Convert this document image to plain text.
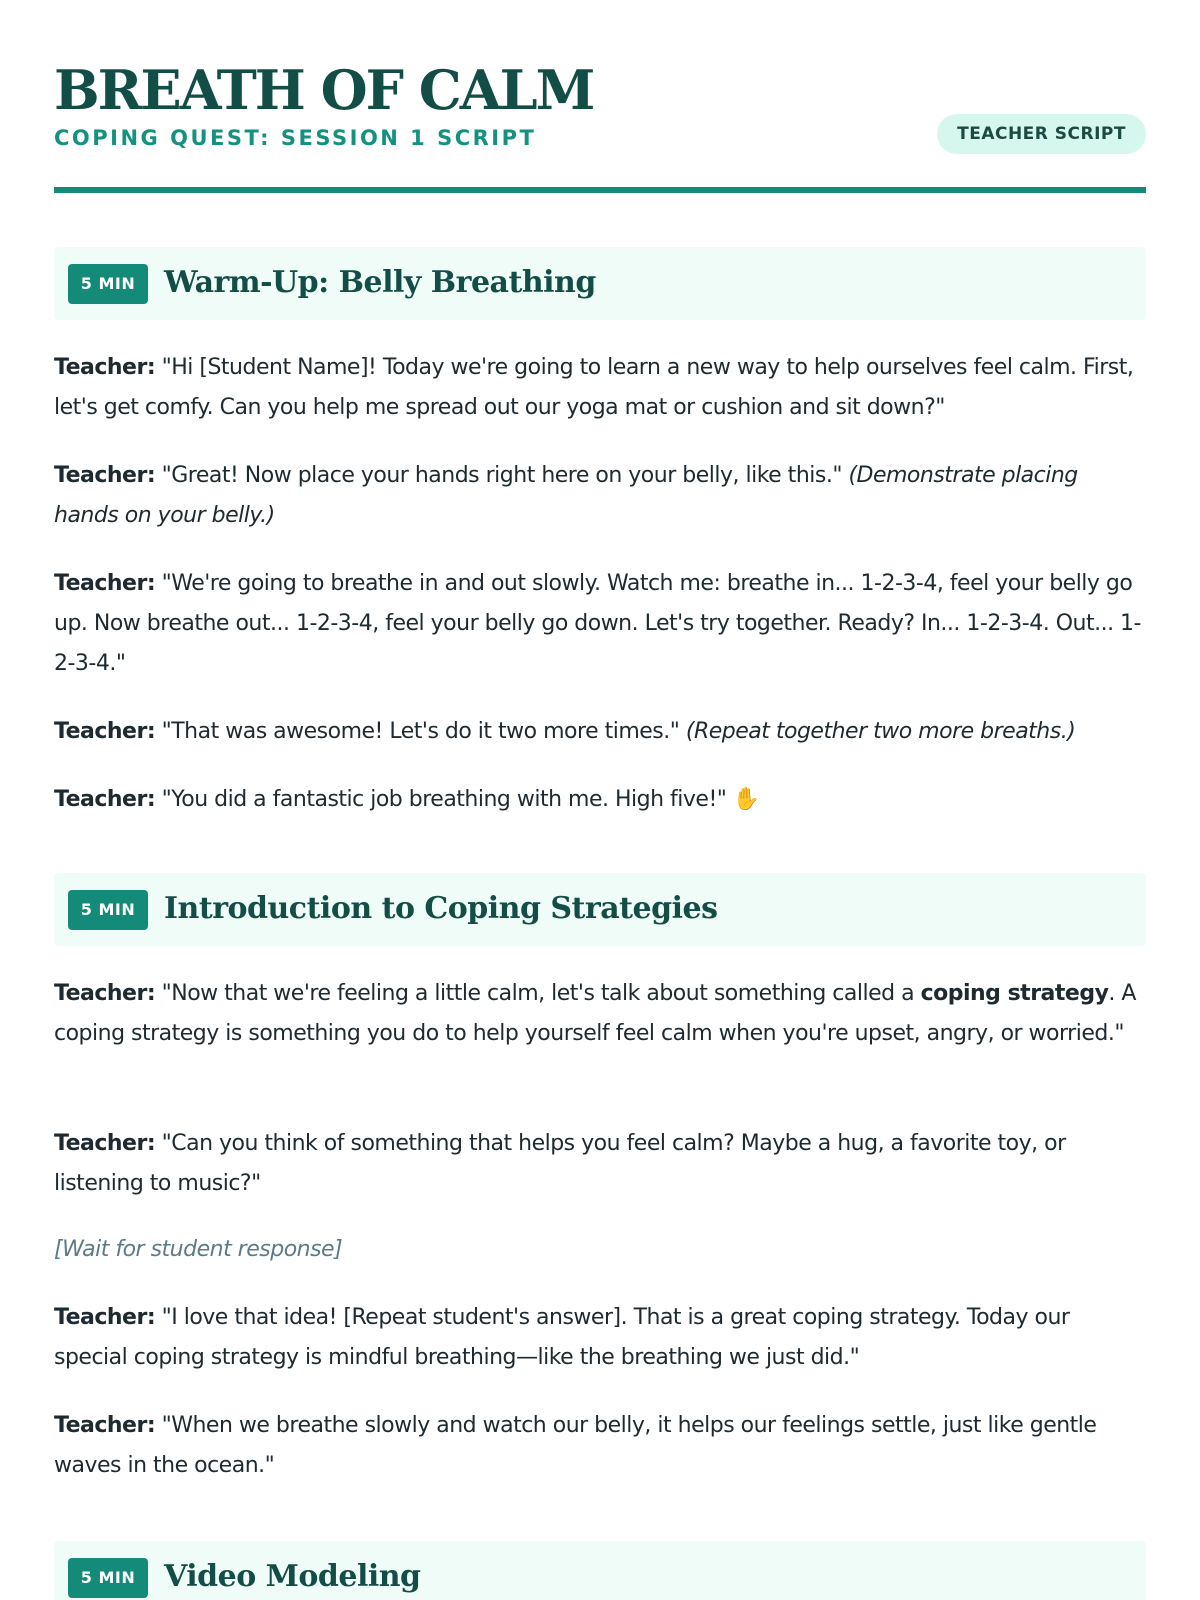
BREATH OF CALM
COPING QUEST: SESSION 1 SCRIPT	TEACHER SCRIPT
5 MIN Warm-Up: Belly Breathing
Teacher: "Hi [Student Name]! Today we're going to learn a new way to help ourselves feel calm. First, let's get comfy. Can you help me spread out our yoga mat or cushion and sit down?"
Teacher: "Great! Now place your hands right here on your belly, like this." (Demonstrate placing hands on your belly.)
Teacher: "We're going to breathe in and out slowly. Watch me: breathe in... 1-2-3-4, feel your belly go up. Now breathe out... 1-2-3-4, feel your belly go down. Let's try together. Ready? In... 1-2-3-4. Out... 1-2-3-4."
Teacher: "That was awesome! Let's do it two more times." (Repeat together two more breaths.)
Teacher: "You did a fantastic job breathing with me. High five!" ✋
5 MIN Introduction to Coping Strategies
Teacher: "Now that we're feeling a little calm, let's talk about something called a coping strategy. A coping strategy is something you do to help yourself feel calm when you're upset, angry, or worried."
Teacher: "Can you think of something that helps you feel calm? Maybe a hug, a favorite toy, or listening to music?"
[Wait for student response]
Teacher: "I love that idea! [Repeat student's answer]. That is a great coping strategy. Today our special coping strategy is mindful breathing—like the breathing we just did."
Teacher: "When we breathe slowly and watch our belly, it helps our feelings settle, just like gentle waves in the ocean."
5 MIN Video Modeling
